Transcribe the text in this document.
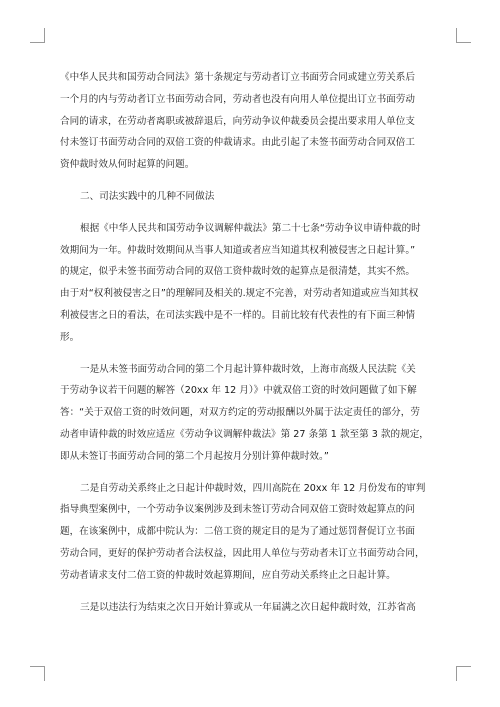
《中华人民共和国劳动合同法》第十条规定与劳动者订立书面劳合同或建立劳关系后
一个月的内与劳动者订立书面劳动合同，劳动者也没有向用人单位提出订立书面劳动
合同的请求，在劳动者离职或被辞退后，向劳动争议仲裁委员会提出要求用人单位支
付未签订书面劳动合同的双倍工资的仲裁请求。由此引起了未签书面劳动合同双倍工
资仲裁时效从何时起算的问题。

二、司法实践中的几种不同做法

根据《中华人民共和国劳动争议调解仲裁法》第二十七条“劳动争议申请仲裁的时
效期间为一年。仲裁时效期间从当事人知道或者应当知道其权利被侵害之日起计算。”
的规定，似乎未签书面劳动合同的双倍工资仲裁时效的起算点是很清楚，其实不然。
由于对“权利被侵害之日”的理解同及相关的.规定不完善，对劳动者知道或应当知其权
利被侵害之日的看法，在司法实践中是不一样的。目前比较有代表性的有下面三种情
形。

一是从未签书面劳动合同的第二个月起计算仲裁时效，上海市高级人民法院《关
于劳动争议若干问题的解答（20xx 年 12 月）》中就双倍工资的时效问题做了如下解
答：“关于双倍工资的时效问题，对双方约定的劳动报酬以外属于法定责任的部分，劳
动者申请仲裁的时效应适应《劳动争议调解仲裁法》第 27 条第 1 款至第 3 款的规定，
即从未签订书面劳动合同的第二个月起按月分别计算仲裁时效。”

二是自劳动关系终止之日起计仲裁时效，四川高院在 20xx 年 12 月份发布的审判
指导典型案例中，一个劳动争议案例涉及到未签订劳动合同双倍工资时效起算点的问
题，在该案例中，成都中院认为：二倍工资的规定目的是为了通过惩罚督促订立书面
劳动合同，更好的保护劳动者合法权益，因此用人单位与劳动者未订立书面劳动合同，
劳动者请求支付二倍工资的仲裁时效起算期间，应自劳动关系终止之日起计算。

三是以违法行为结束之次日开始计算或从一年届满之次日起仲裁时效，江苏省高
